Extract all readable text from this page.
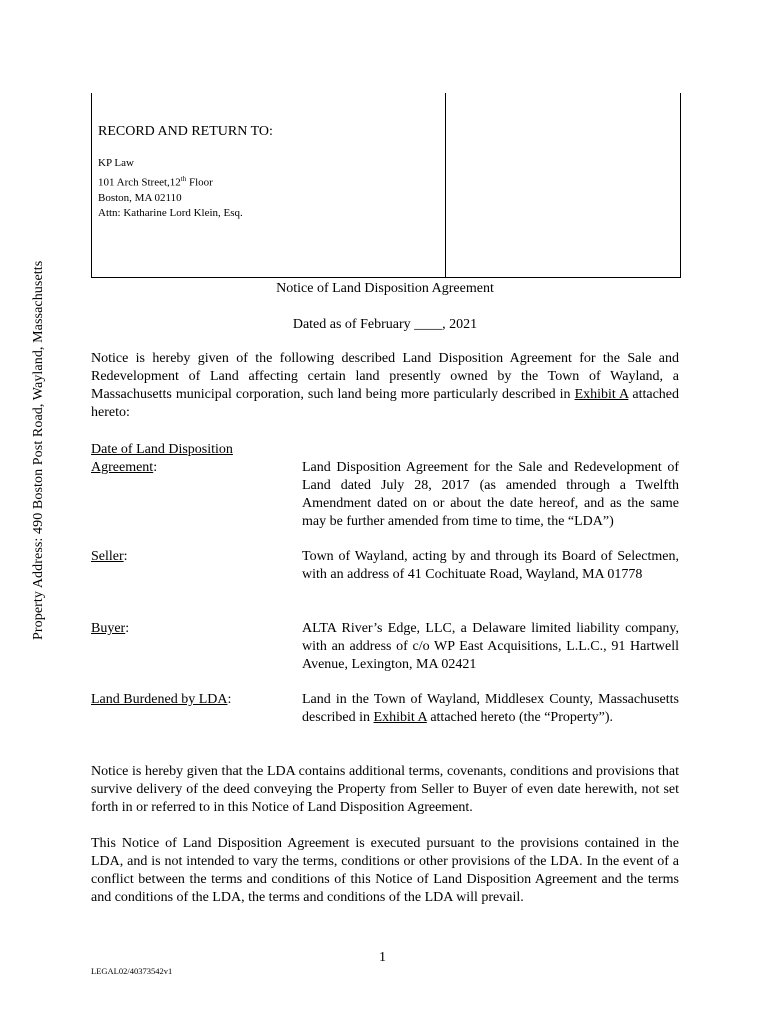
Property Address: 490 Boston Post Road, Wayland, Massachusetts
RECORD AND RETURN TO:
KP Law
101 Arch Street,12th Floor
Boston, MA 02110
Attn: Katharine Lord Klein, Esq.
Notice of Land Disposition Agreement
Dated as of February ____, 2021
Notice is hereby given of the following described Land Disposition Agreement for the Sale and Redevelopment of Land affecting certain land presently owned by the Town of Wayland, a Massachusetts municipal corporation, such land being more particularly described in Exhibit A attached hereto:
Date of Land Disposition Agreement:	Land Disposition Agreement for the Sale and Redevelopment of Land dated July 28, 2017 (as amended through a Twelfth Amendment dated on or about the date hereof, and as the same may be further amended from time to time, the “LDA”)
Seller:	Town of Wayland, acting by and through its Board of Selectmen, with an address of 41 Cochituate Road, Wayland, MA 01778
Buyer:	ALTA River’s Edge, LLC, a Delaware limited liability company, with an address of c/o WP East Acquisitions, L.L.C., 91 Hartwell Avenue, Lexington, MA 02421
Land Burdened by LDA:	Land in the Town of Wayland, Middlesex County, Massachusetts described in Exhibit A attached hereto (the “Property”).
Notice is hereby given that the LDA contains additional terms, covenants, conditions and provisions that survive delivery of the deed conveying the Property from Seller to Buyer of even date herewith, not set forth in or referred to in this Notice of Land Disposition Agreement.
This Notice of Land Disposition Agreement is executed pursuant to the provisions contained in the LDA, and is not intended to vary the terms, conditions or other provisions of the LDA. In the event of a conflict between the terms and conditions of this Notice of Land Disposition Agreement and the terms and conditions of the LDA, the terms and conditions of the LDA will prevail.
1
LEGAL02/40373542v1
